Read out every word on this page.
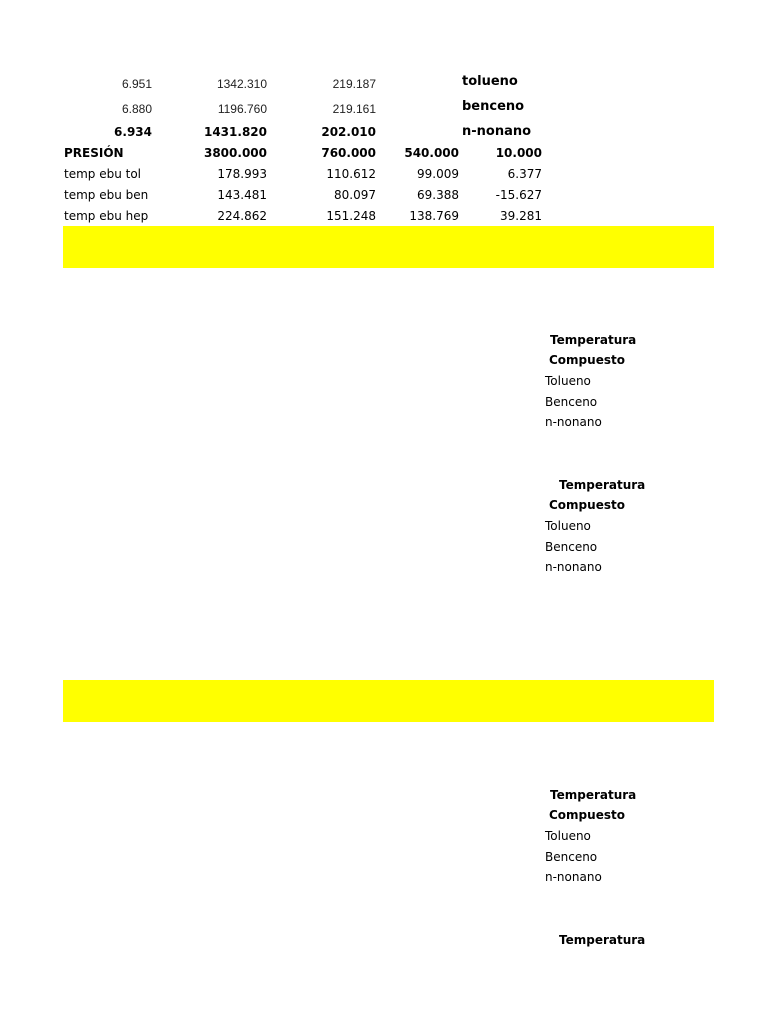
6.951	1342.310	219.187	tolueno
6.880	1196.760	219.161	benceno
6.934	1431.820	202.010	n-nonano
PRESIÓN	3800.000	760.000	540.000	10.000
temp ebu tol	178.993	110.612	99.009	6.377
temp ebu ben	143.481	80.097	69.388	-15.627
temp ebu hep	224.862	151.248	138.769	39.281
Temperatura
Compuesto
Tolueno
Benceno
n-nonano
Temperatura
Compuesto
Tolueno
Benceno
n-nonano
Temperatura
Compuesto
Tolueno
Benceno
n-nonano
Temperatura
